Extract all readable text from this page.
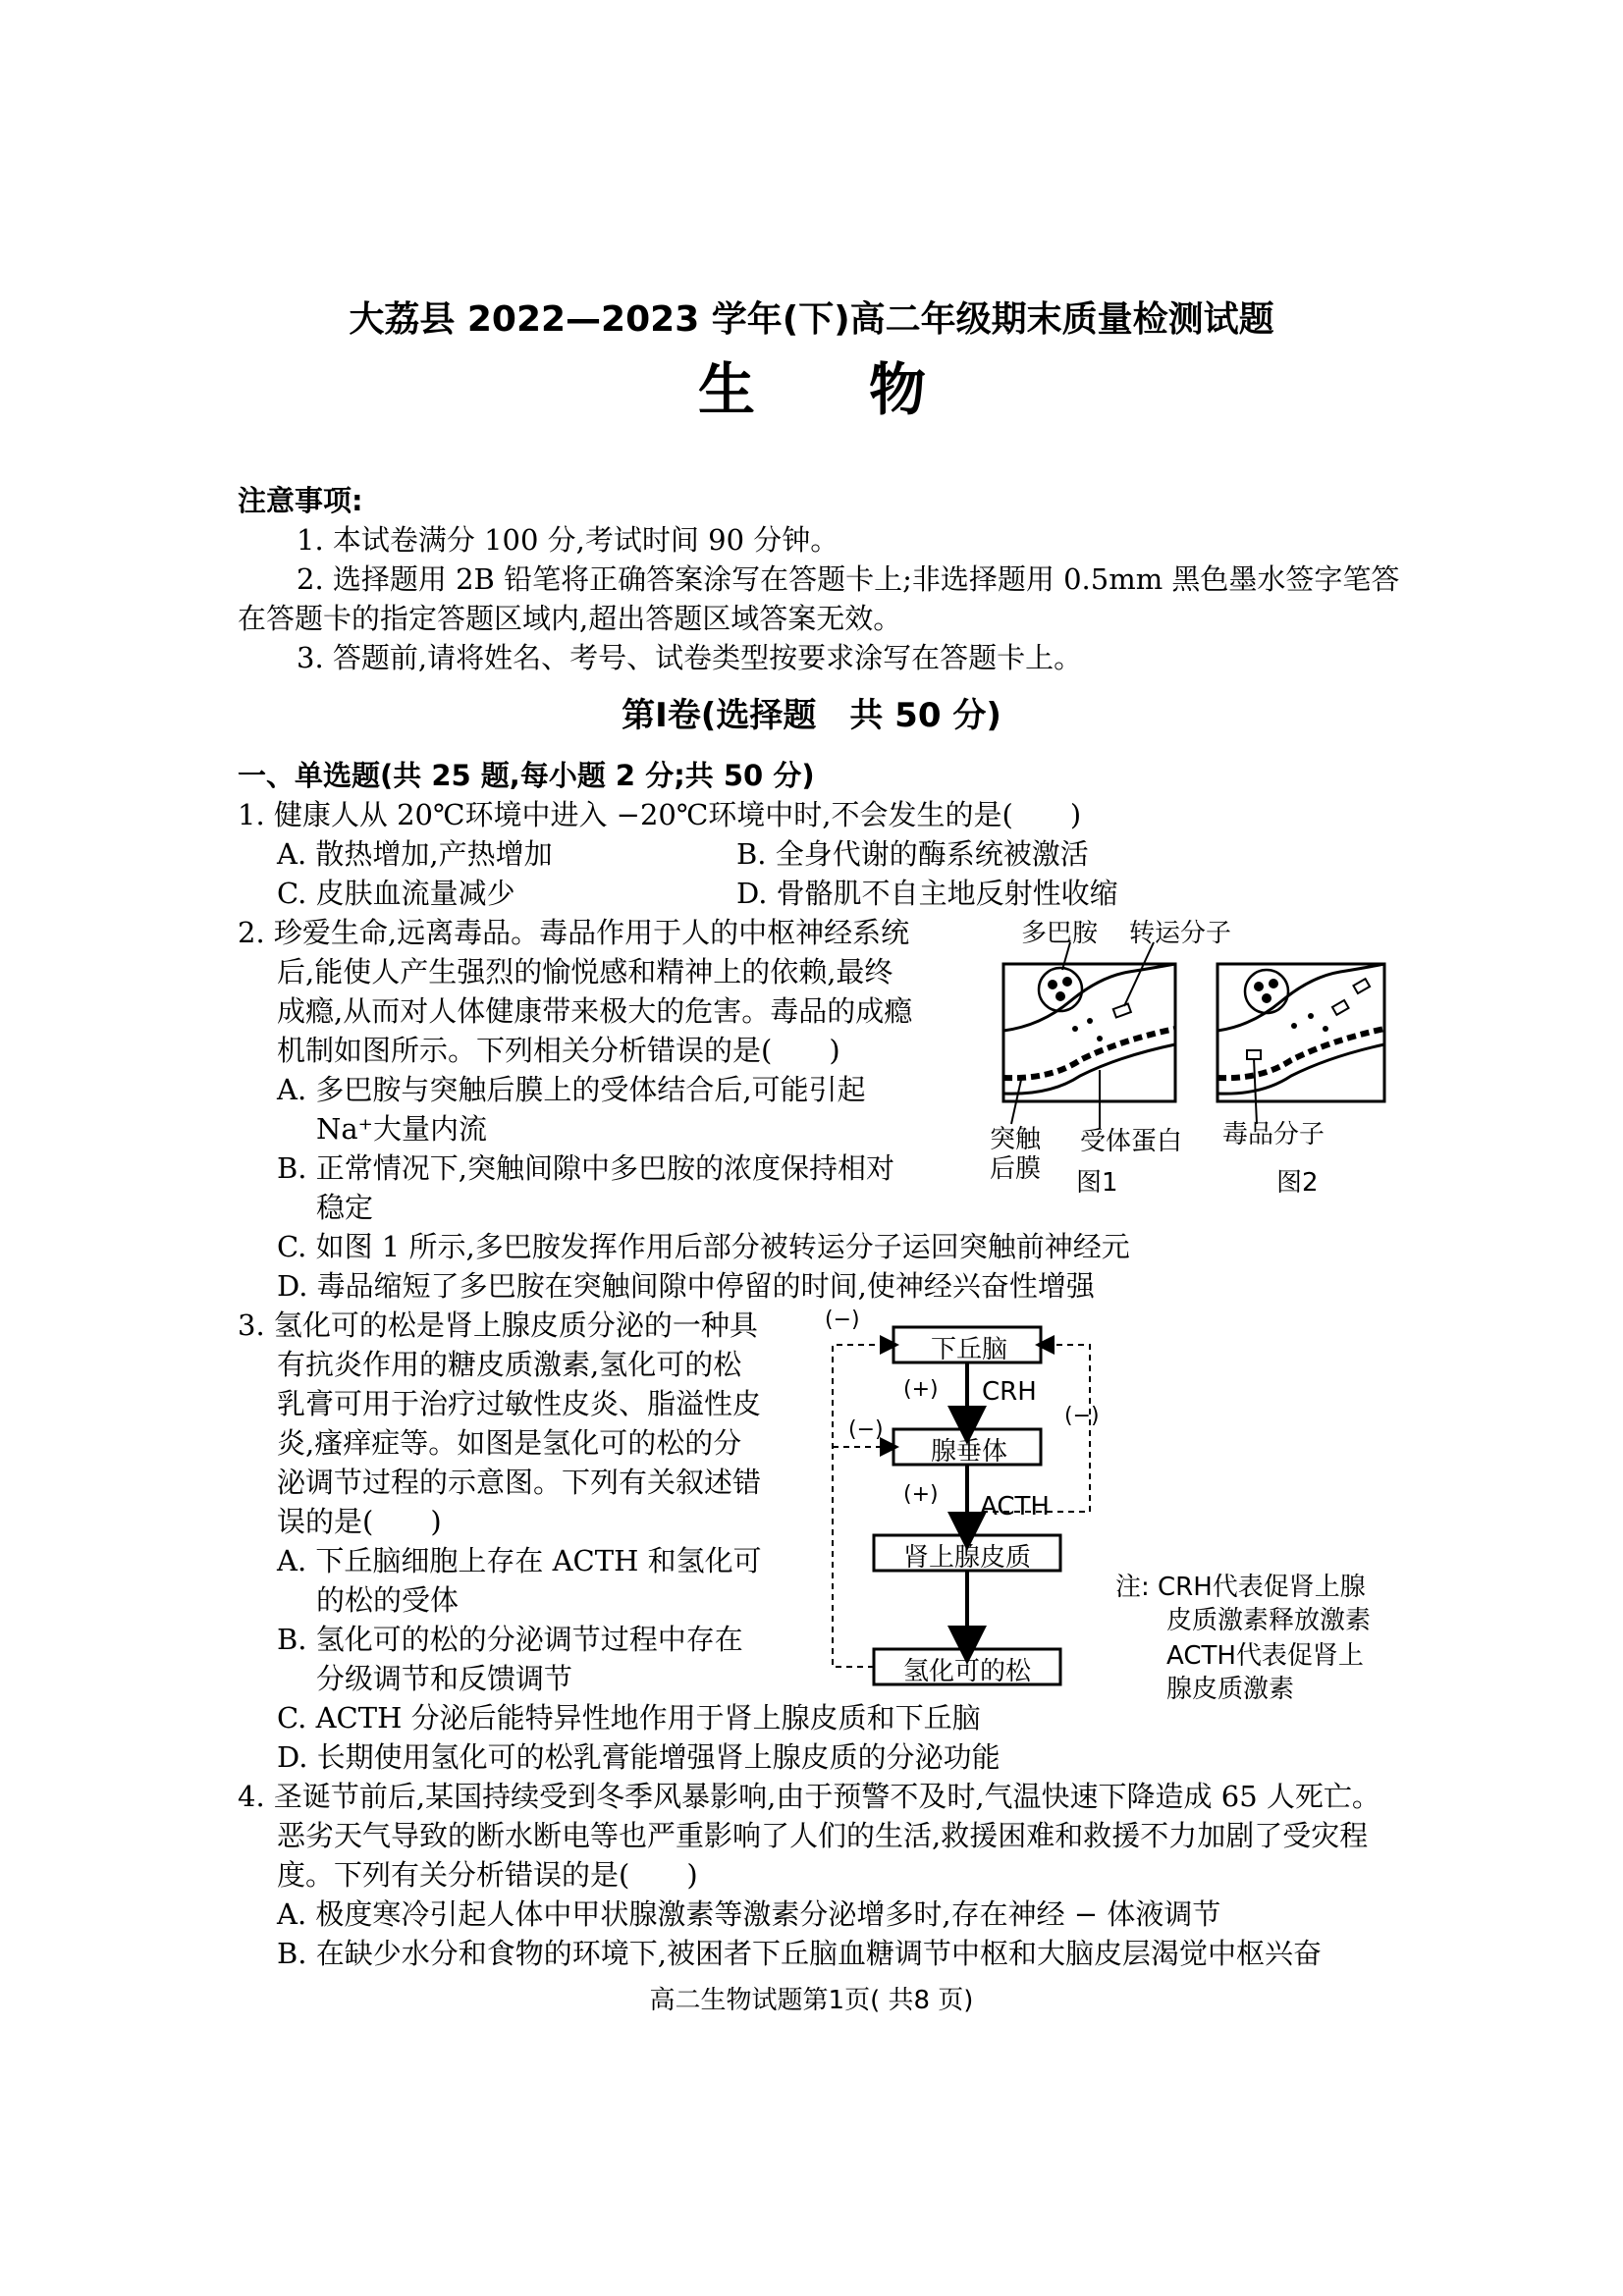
大荔县 2022—2023 学年(下)高二年级期末质量检测试题
生 物
注意事项:
1. 本试卷满分 100 分,考试时间 90 分钟。
2. 选择题用 2B 铅笔将正确答案涂写在答题卡上;非选择题用 0.5mm 黑色墨水签字笔答
在答题卡的指定答题区域内,超出答题区域答案无效。
3. 答题前,请将姓名、考号、试卷类型按要求涂写在答题卡上。
第Ⅰ卷(选择题　共 50 分)
一、单选题(共 25 题,每小题 2 分;共 50 分)
1. 健康人从 20℃环境中进入 −20℃环境中时,不会发生的是(　　)
A. 散热增加,产热增加	B. 全身代谢的酶系统被激活
C. 皮肤血流量减少	D. 骨骼肌不自主地反射性收缩
2. 珍爱生命,远离毒品。毒品作用于人的中枢神经系统
后,能使人产生强烈的愉悦感和精神上的依赖,最终
成瘾,从而对人体健康带来极大的危害。毒品的成瘾
机制如图所示。下列相关分析错误的是(　　)
A. 多巴胺与突触后膜上的受体结合后,可能引起
Na⁺大量内流
B. 正常情况下,突触间隙中多巴胺的浓度保持相对
稳定
C. 如图 1 所示,多巴胺发挥作用后部分被转运分子运回突触前神经元
D. 毒品缩短了多巴胺在突触间隙中停留的时间,使神经兴奋性增强
多巴胺 转运分子
突触
后膜
受体蛋白 毒品分子
图1	图2
3. 氢化可的松是肾上腺皮质分泌的一种具
有抗炎作用的糖皮质激素,氢化可的松
乳膏可用于治疗过敏性皮炎、脂溢性皮
炎,瘙痒症等。如图是氢化可的松的分
泌调节过程的示意图。下列有关叙述错
误的是(　　)
A. 下丘脑细胞上存在 ACTH 和氢化可
的松的受体
B. 氢化可的松的分泌调节过程中存在
分级调节和反馈调节
C. ACTH 分泌后能特异性地作用于肾上腺皮质和下丘脑
D. 长期使用氢化可的松乳膏能增强肾上腺皮质的分泌功能
下丘脑
腺垂体
肾上腺皮质
氢化可的松
(+) CRH
(+) ACTH
(−)
(−)
(−)
注: CRH代表促肾上腺
皮质激素释放激素
ACTH代表促肾上
腺皮质激素
4. 圣诞节前后,某国持续受到冬季风暴影响,由于预警不及时,气温快速下降造成 65 人死亡。
恶劣天气导致的断水断电等也严重影响了人们的生活,救援困难和救援不力加剧了受灾程
度。下列有关分析错误的是(　　)
A. 极度寒冷引起人体中甲状腺激素等激素分泌增多时,存在神经 − 体液调节
B. 在缺少水分和食物的环境下,被困者下丘脑血糖调节中枢和大脑皮层渴觉中枢兴奋
高二生物试题第1页( 共8 页)
